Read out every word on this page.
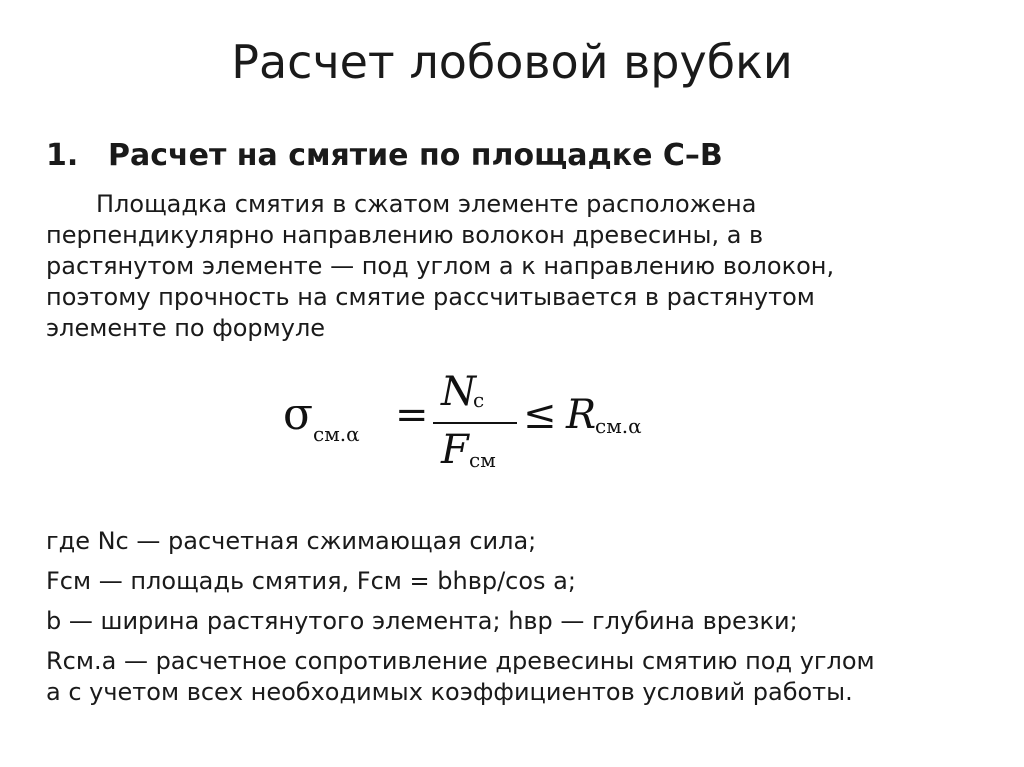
Расчет лобовой врубки
1. Расчет на смятие по площадке С–В

Площадка смятия в сжатом элементе расположена
перпендикулярно направлению волокон древесины, а в
растянутом элементе — под углом а к направлению волокон,
поэтому прочность на смятие рассчитывается в растянутом
элементе по формуле

σ см.α = N
c
F см
≤ R
см.α
где Nc — расчетная сжимающая сила;
Fсм — площадь смятия, Fсм = bhвр/cos a;
b — ширина растянутого элемента; hвр — глубина врезки;
Rсм.а — расчетное сопротивление древесины смятию под углом
а с учетом всех необходимых коэффициентов условий работы.
